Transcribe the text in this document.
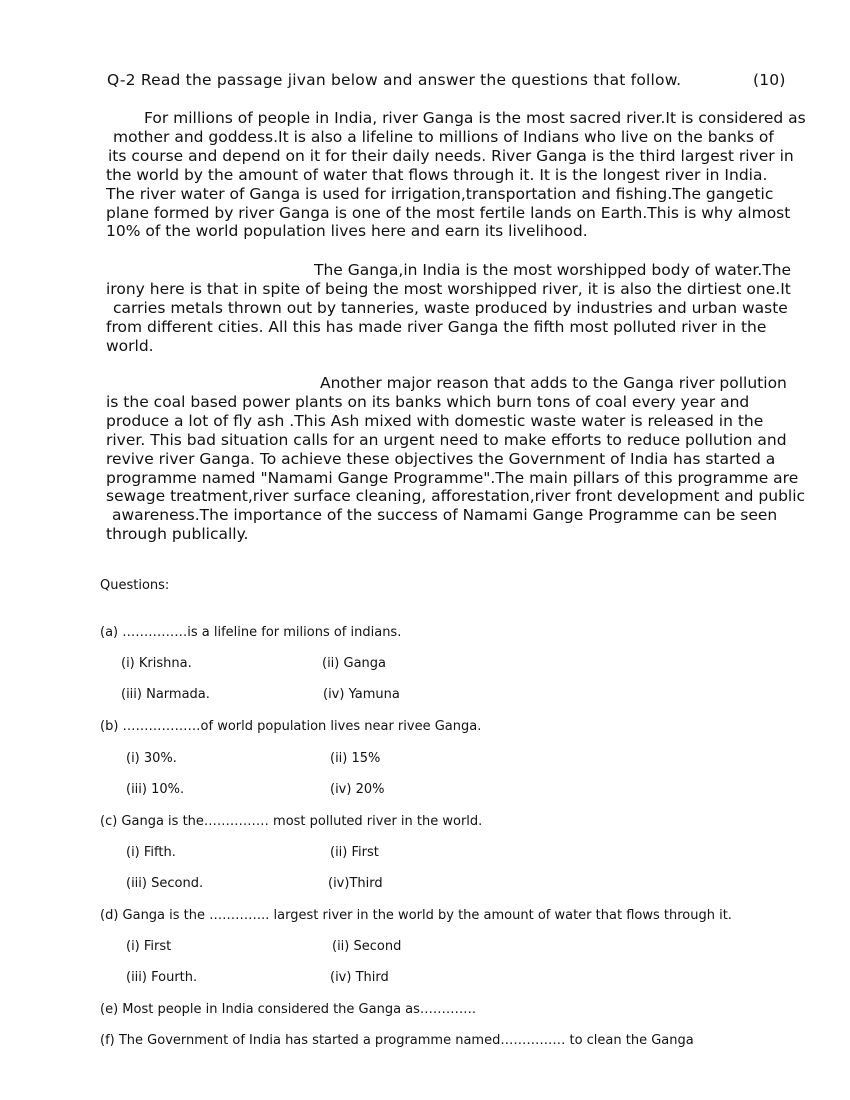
Q-2 Read the passage jivan below and answer the questions that follow.	(10)
For millions of people in India, river Ganga is the most sacred river.It is considered as
mother and goddess.It is also a lifeline to millions of Indians who live on the banks of
its course and depend on it for their daily needs. River Ganga is the third largest river in
the world by the amount of water that flows through it. It is the longest river in India.
The river water of Ganga is used for irrigation,transportation and fishing.The gangetic
plane formed by river Ganga is one of the most fertile lands on Earth.This is why almost
10% of the world population lives here and earn its livelihood.
The Ganga,in India is the most worshipped body of water.The
irony here is that in spite of being the most worshipped river, it is also the dirtiest one.It
carries metals thrown out by tanneries, waste produced by industries and urban waste
from different cities. All this has made river Ganga the fifth most polluted river in the
world.
Another major reason that adds to the Ganga river pollution
is the coal based power plants on its banks which burn tons of coal every year and
produce a lot of fly ash .This Ash mixed with domestic waste water is released in the
river. This bad situation calls for an urgent need to make efforts to reduce pollution and
revive river Ganga. To achieve these objectives the Government of India has started a
programme named "Namami Gange Programme".The main pillars of this programme are
sewage treatment,river surface cleaning, afforestation,river front development and public
awareness.The importance of the success of Namami Gange Programme can be seen
through publically.
Questions:
(a) ……………is a lifeline for milions of indians.
(i) Krishna.	(ii) Ganga
(iii) Narmada.	(iv) Yamuna
(b) ………………of world population lives near rivee Ganga.
(i) 30%.	(ii) 15%
(iii) 10%.	(iv) 20%
(c) Ganga is the…………… most polluted river in the world.
(i) Fifth.	(ii) First
(iii) Second.	(iv)Third
(d) Ganga is the ………….. largest river in the world by the amount of water that flows through it.
(i) First	(ii) Second
(iii) Fourth.	(iv) Third
(e) Most people in India considered the Ganga as………….
(f) The Government of India has started a programme named…………… to clean the Ganga
